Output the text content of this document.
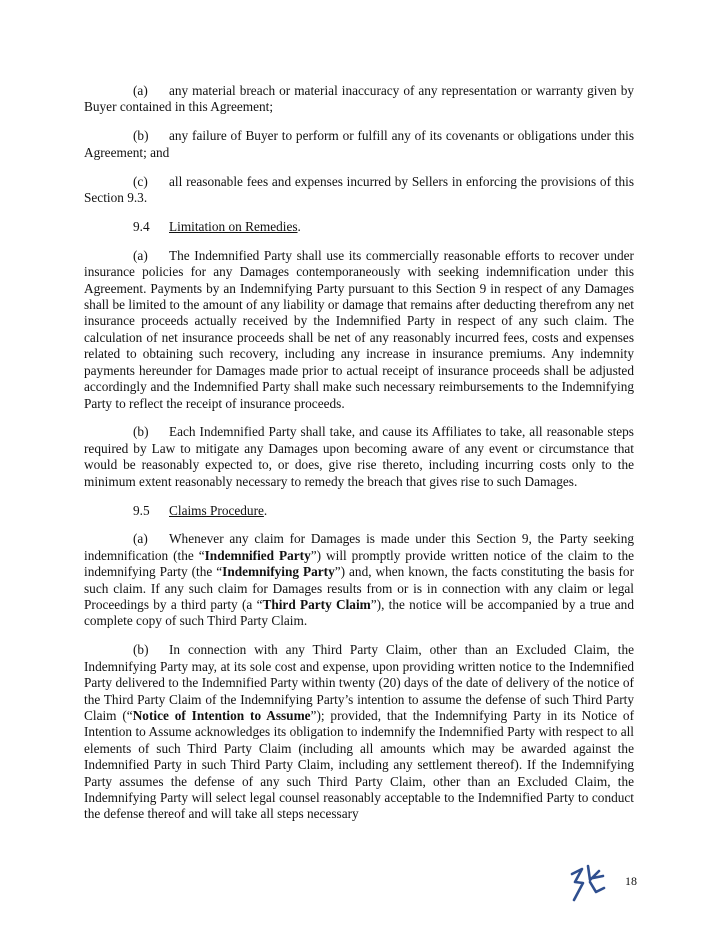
(a) any material breach or material inaccuracy of any representation or warranty given by Buyer contained in this Agreement;

(b) any failure of Buyer to perform or fulfill any of its covenants or obligations under this Agreement; and

(c) all reasonable fees and expenses incurred by Sellers in enforcing the provisions of this Section 9.3.

9.4 Limitation on Remedies.

(a) The Indemnified Party shall use its commercially reasonable efforts to recover under insurance policies for any Damages contemporaneously with seeking indemnification under this Agreement. Payments by an Indemnifying Party pursuant to this Section 9 in respect of any Damages shall be limited to the amount of any liability or damage that remains after deducting therefrom any net insurance proceeds actually received by the Indemnified Party in respect of any such claim. The calculation of net insurance proceeds shall be net of any reasonably incurred fees, costs and expenses related to obtaining such recovery, including any increase in insurance premiums. Any indemnity payments hereunder for Damages made prior to actual receipt of insurance proceeds shall be adjusted accordingly and the Indemnified Party shall make such necessary reimbursements to the Indemnifying Party to reflect the receipt of insurance proceeds.

(b) Each Indemnified Party shall take, and cause its Affiliates to take, all reasonable steps required by Law to mitigate any Damages upon becoming aware of any event or circumstance that would be reasonably expected to, or does, give rise thereto, including incurring costs only to the minimum extent reasonably necessary to remedy the breach that gives rise to such Damages.

9.5 Claims Procedure.

(a) Whenever any claim for Damages is made under this Section 9, the Party seeking indemnification (the “Indemnified Party”) will promptly provide written notice of the claim to the indemnifying Party (the “Indemnifying Party”) and, when known, the facts constituting the basis for such claim. If any such claim for Damages results from or is in connection with any claim or legal Proceedings by a third party (a “Third Party Claim”), the notice will be accompanied by a true and complete copy of such Third Party Claim.

(b) In connection with any Third Party Claim, other than an Excluded Claim, the Indemnifying Party may, at its sole cost and expense, upon providing written notice to the Indemnified Party delivered to the Indemnified Party within twenty (20) days of the date of delivery of the notice of the Third Party Claim of the Indemnifying Party’s intention to assume the defense of such Third Party Claim (“Notice of Intention to Assume”); provided, that the Indemnifying Party in its Notice of Intention to Assume acknowledges its obligation to indemnify the Indemnified Party with respect to all elements of such Third Party Claim (including all amounts which may be awarded against the Indemnified Party in such Third Party Claim, including any settlement thereof). If the Indemnifying Party assumes the defense of any such Third Party Claim, other than an Excluded Claim, the Indemnifying Party will select legal counsel reasonably acceptable to the Indemnified Party to conduct the defense thereof and will take all steps necessary

18
